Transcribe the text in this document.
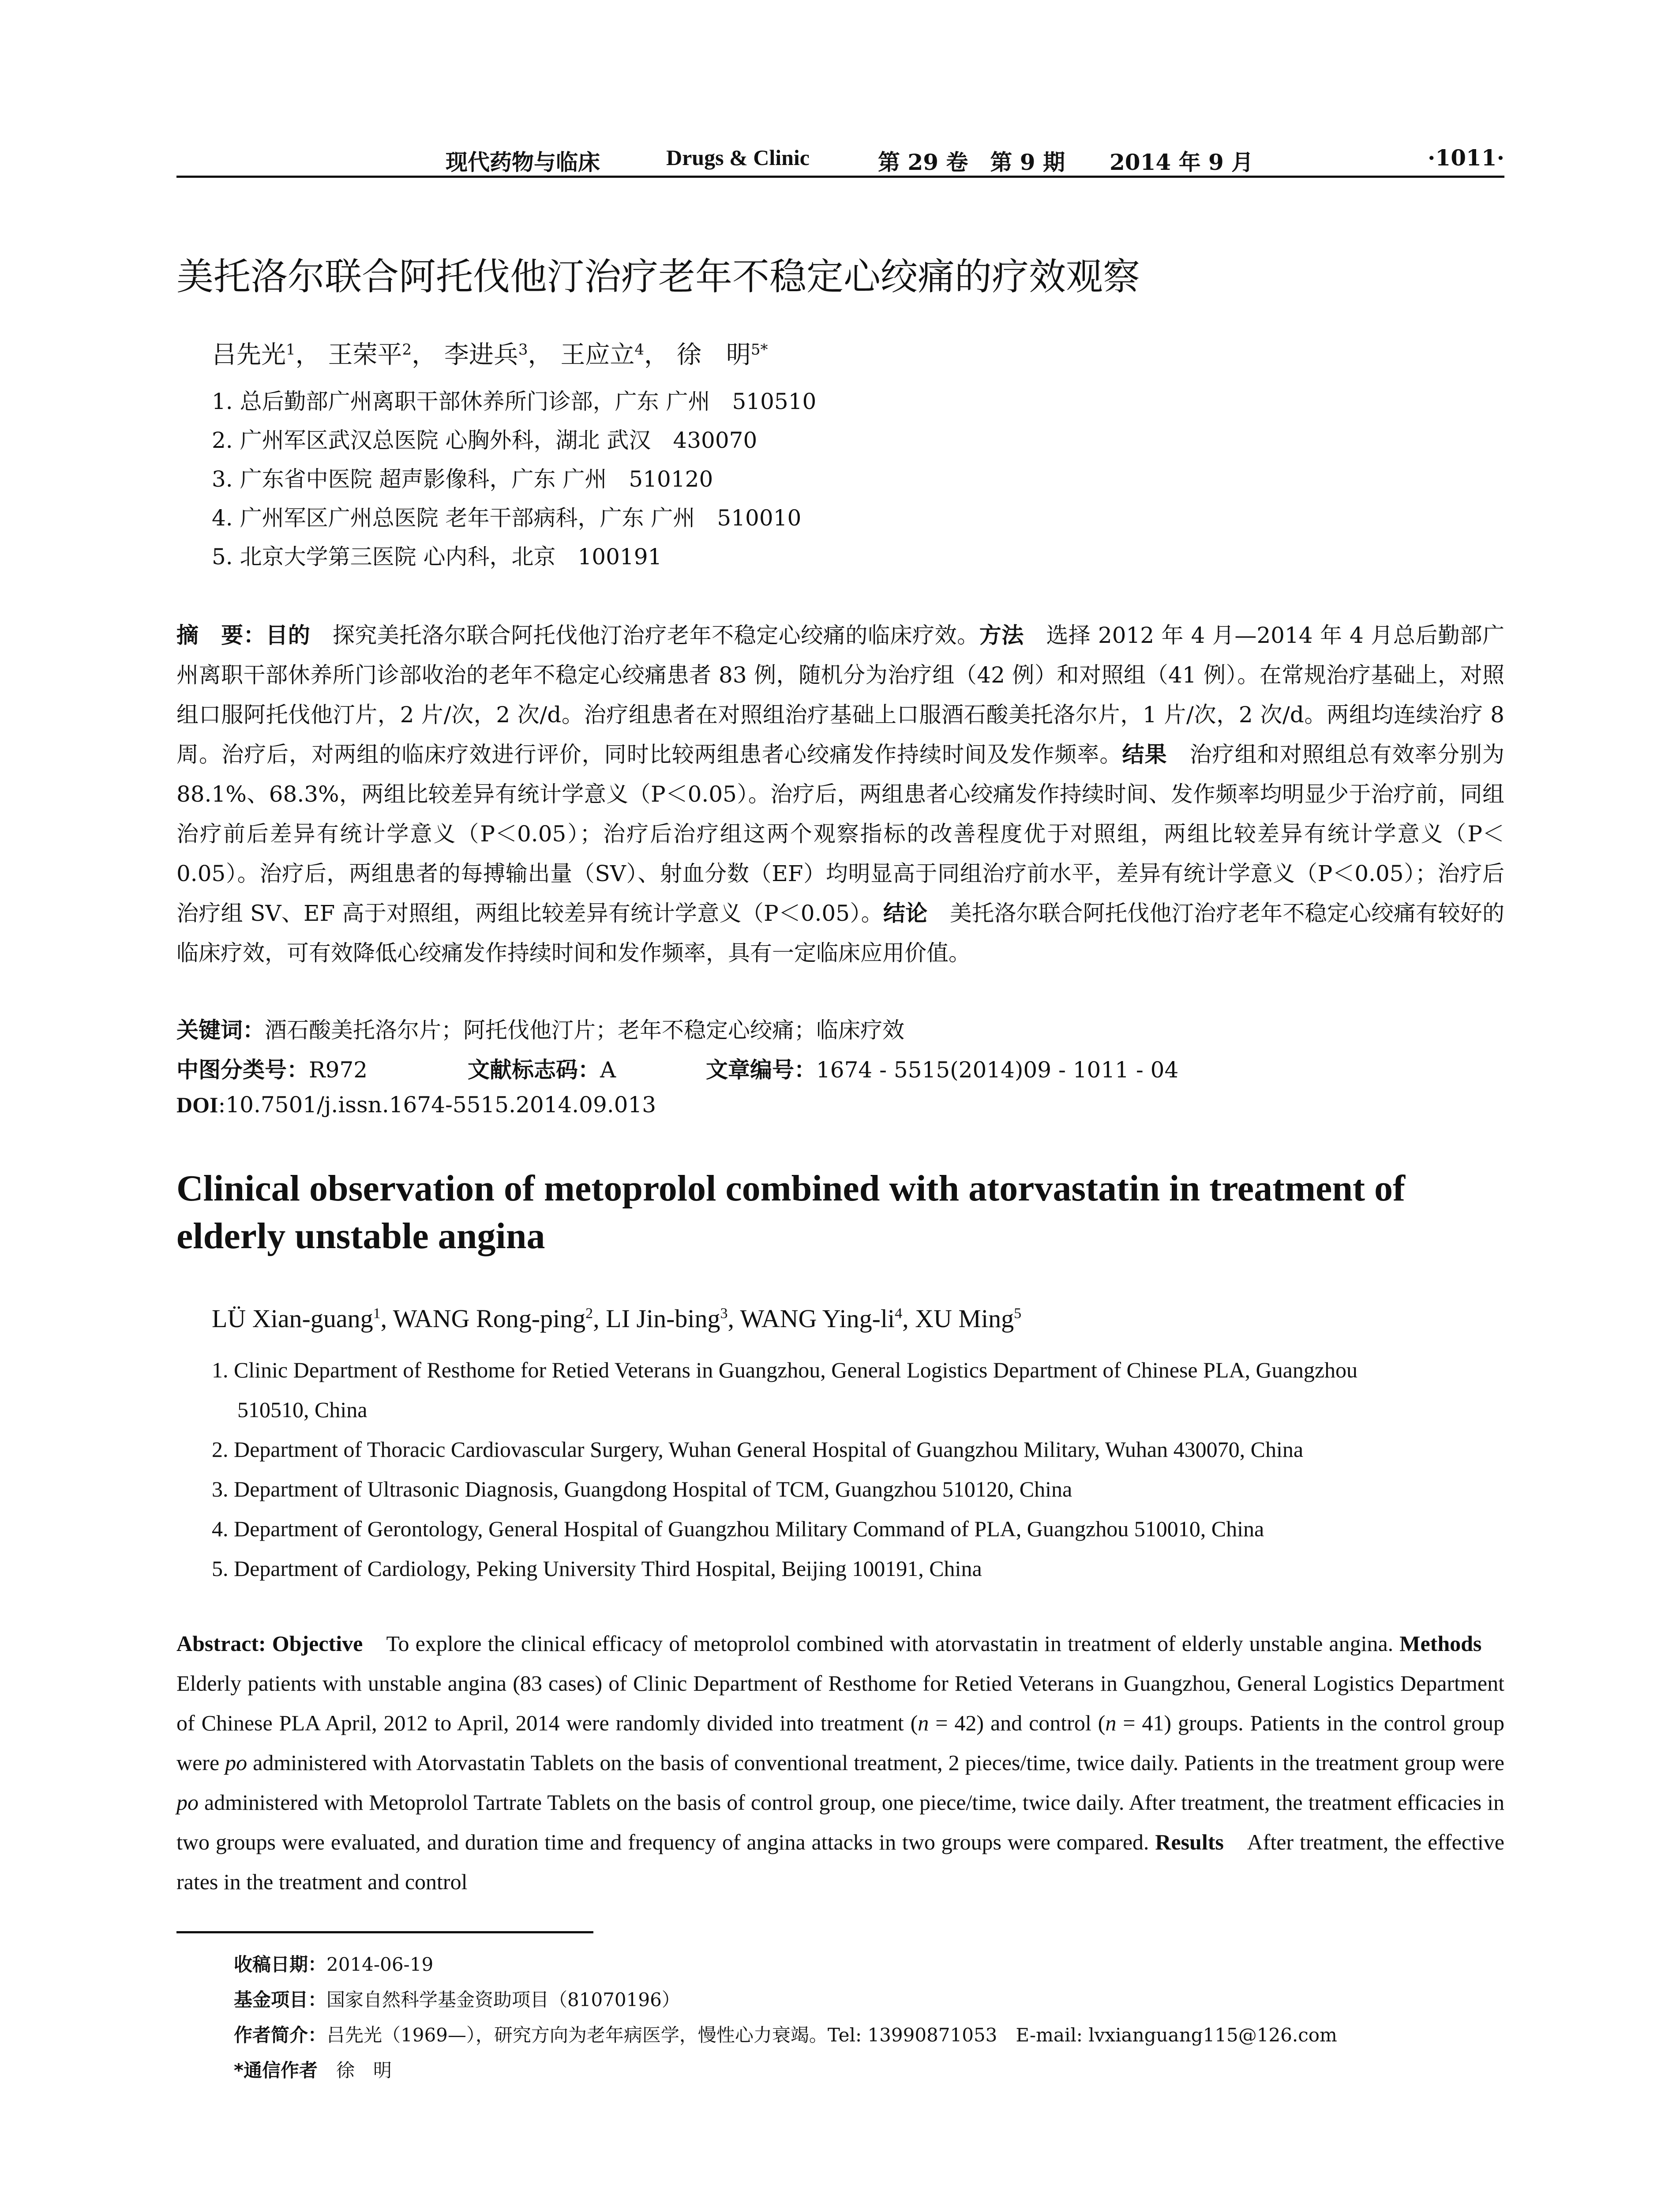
现代药物与临床	Drugs & Clinic	第 29 卷　第 9 期 2014 年 9 月	·1011·
美托洛尔联合阿托伐他汀治疗老年不稳定心绞痛的疗效观察
吕先光$^1$， 王荣平$^2$， 李进兵$^3$， 王应立$^4$， 徐　明$^{5*}$
1. 总后勤部广州离职干部休养所门诊部，广东 广州　510510
2. 广州军区武汉总医院 心胸外科，湖北 武汉　430070
3. 广东省中医院 超声影像科，广东 广州　510120
4. 广州军区广州总医院 老年干部病科，广东 广州　510010
5. 北京大学第三医院 心内科，北京　100191
摘　要：目的　探究美托洛尔联合阿托伐他汀治疗老年不稳定心绞痛的临床疗效。方法　选择 2012 年 4 月—2014 年 4 月总后勤部广州离职干部休养所门诊部收治的老年不稳定心绞痛患者 83 例，随机分为治疗组（42 例）和对照组（41 例）。在常规治疗基础上，对照组口服阿托伐他汀片，2 片/次，2 次/d。治疗组患者在对照组治疗基础上口服酒石酸美托洛尔片，1 片/次，2 次/d。两组均连续治疗 8 周。治疗后，对两组的临床疗效进行评价，同时比较两组患者心绞痛发作持续时间及发作频率。结果　治疗组和对照组总有效率分别为 88.1%、68.3%，两组比较差异有统计学意义（P＜0.05）。治疗后，两组患者心绞痛发作持续时间、发作频率均明显少于治疗前，同组治疗前后差异有统计学意义（P＜0.05）；治疗后治疗组这两个观察指标的改善程度优于对照组，两组比较差异有统计学意义（P＜0.05）。治疗后，两组患者的每搏输出量（SV）、射血分数（EF）均明显高于同组治疗前水平，差异有统计学意义（P＜0.05）；治疗后治疗组 SV、EF 高于对照组，两组比较差异有统计学意义（P＜0.05）。结论　美托洛尔联合阿托伐他汀治疗老年不稳定心绞痛有较好的临床疗效，可有效降低心绞痛发作持续时间和发作频率，具有一定临床应用价值。
关键词：酒石酸美托洛尔片；阿托伐他汀片；老年不稳定心绞痛；临床疗效
中图分类号：R972	文献标志码：A	文章编号：1674 - 5515(2014)09 - 1011 - 04
DOI:10.7501/j.issn.1674-5515.2014.09.013
Clinical observation of metoprolol combined with atorvastatin in treatment of elderly unstable angina
LÜ Xian-guang$^1$, WANG Rong-ping$^2$, LI Jin-bing$^3$, WANG Ying-$li^4$, XU Ming$^5$
1. Clinic Department of Resthome for Retied Veterans in Guangzhou, General Logistics Department of Chinese PLA, Guangzhou
510510, China
2. Department of Thoracic Cardiovascular Surgery, Wuhan General Hospital of Guangzhou Military, Wuhan 430070, China
3. Department of Ultrasonic Diagnosis, Guangdong Hospital of TCM, Guangzhou 510120, China
4. Department of Gerontology, General Hospital of Guangzhou Military Command of PLA, Guangzhou 510010, China
5. Department of Cardiology, Peking University Third Hospital, Beijing 100191, China
Abstract: Objective　To explore the clinical efficacy of metoprolol combined with atorvastatin in treatment of elderly unstable angina. Methods　Elderly patients with unstable angina (83 cases) of Clinic Department of Resthome for Retied Veterans in Guangzhou, General Logistics Department of Chinese PLA April, 2012 to April, 2014 were randomly divided into treatment (n = 42) and control (n = 41) groups. Patients in the control group were po administered with Atorvastatin Tablets on the basis of conventional treatment, 2 pieces/time, twice daily. Patients in the treatment group were po administered with Metoprolol Tartrate Tablets on the basis of control group, one piece/time, twice daily. After treatment, the treatment efficacies in two groups were evaluated, and duration time and frequency of angina attacks in two groups were compared. Results　After treatment, the effective rates in the treatment and control
收稿日期：2014-06-19
基金项目：国家自然科学基金资助项目（81070196）
作者简介：吕先光（1969—），研究方向为老年病医学，慢性心力衰竭。Tel: 13990871053　E-mail: lvxianguang115@126.com
*通信作者　徐　明
